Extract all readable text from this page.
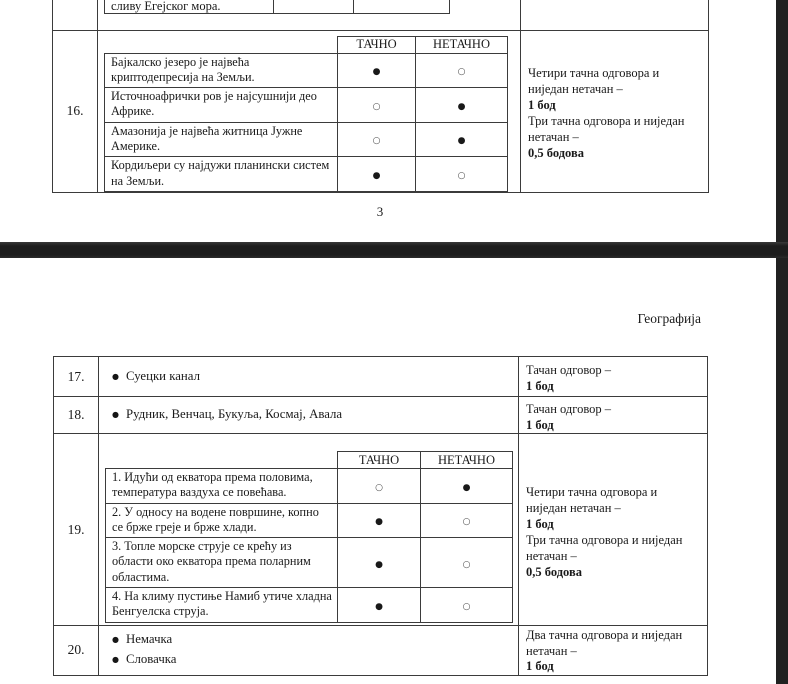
сливу Егејског мора.

16.	
	ТАЧНО	НЕТАЧНО
Бајкалско језеро је највећа криптодепресија на Земљи.	●	○
Источноафрички ров је најсушнији део Африке.	○	●
Амазонија је највећа житница Јужне Америке.	○	●
Кордиљери су најдужи планински систем на Земљи.	●	○

Четири тачна одговора и
ниједан нетачан –
1 бод
Три тачна одговора и ниједан
нетачан –
0,5 бодова
3
Географија
17.	● Суецки канал	Тачан одговор –
1 бод

18.	● Рудник, Венчац, Букуља, Космај, Авала	Тачан одговор –
1 бод

19.	
	ТАЧНО	НЕТАЧНО
1. Идући од екватора према половима, температура ваздуха се повећава.	○	●
2. У односу на водене површине, копно се брже греје и брже хлади.	●	○
3. Топле морске струје се крећу из области око екватора према поларним областима.	●	○
4. На климу пустиње Намиб утиче хладна Бенгуелска струја.	●	○

Четири тачна одговора и
ниједан нетачан –
1 бод
Три тачна одговора и ниједан
нетачан –
0,5 бодова

20.	
● Немачка
● Словачка

Два тачна одговора и ниједан
нетачан –
1 бод
